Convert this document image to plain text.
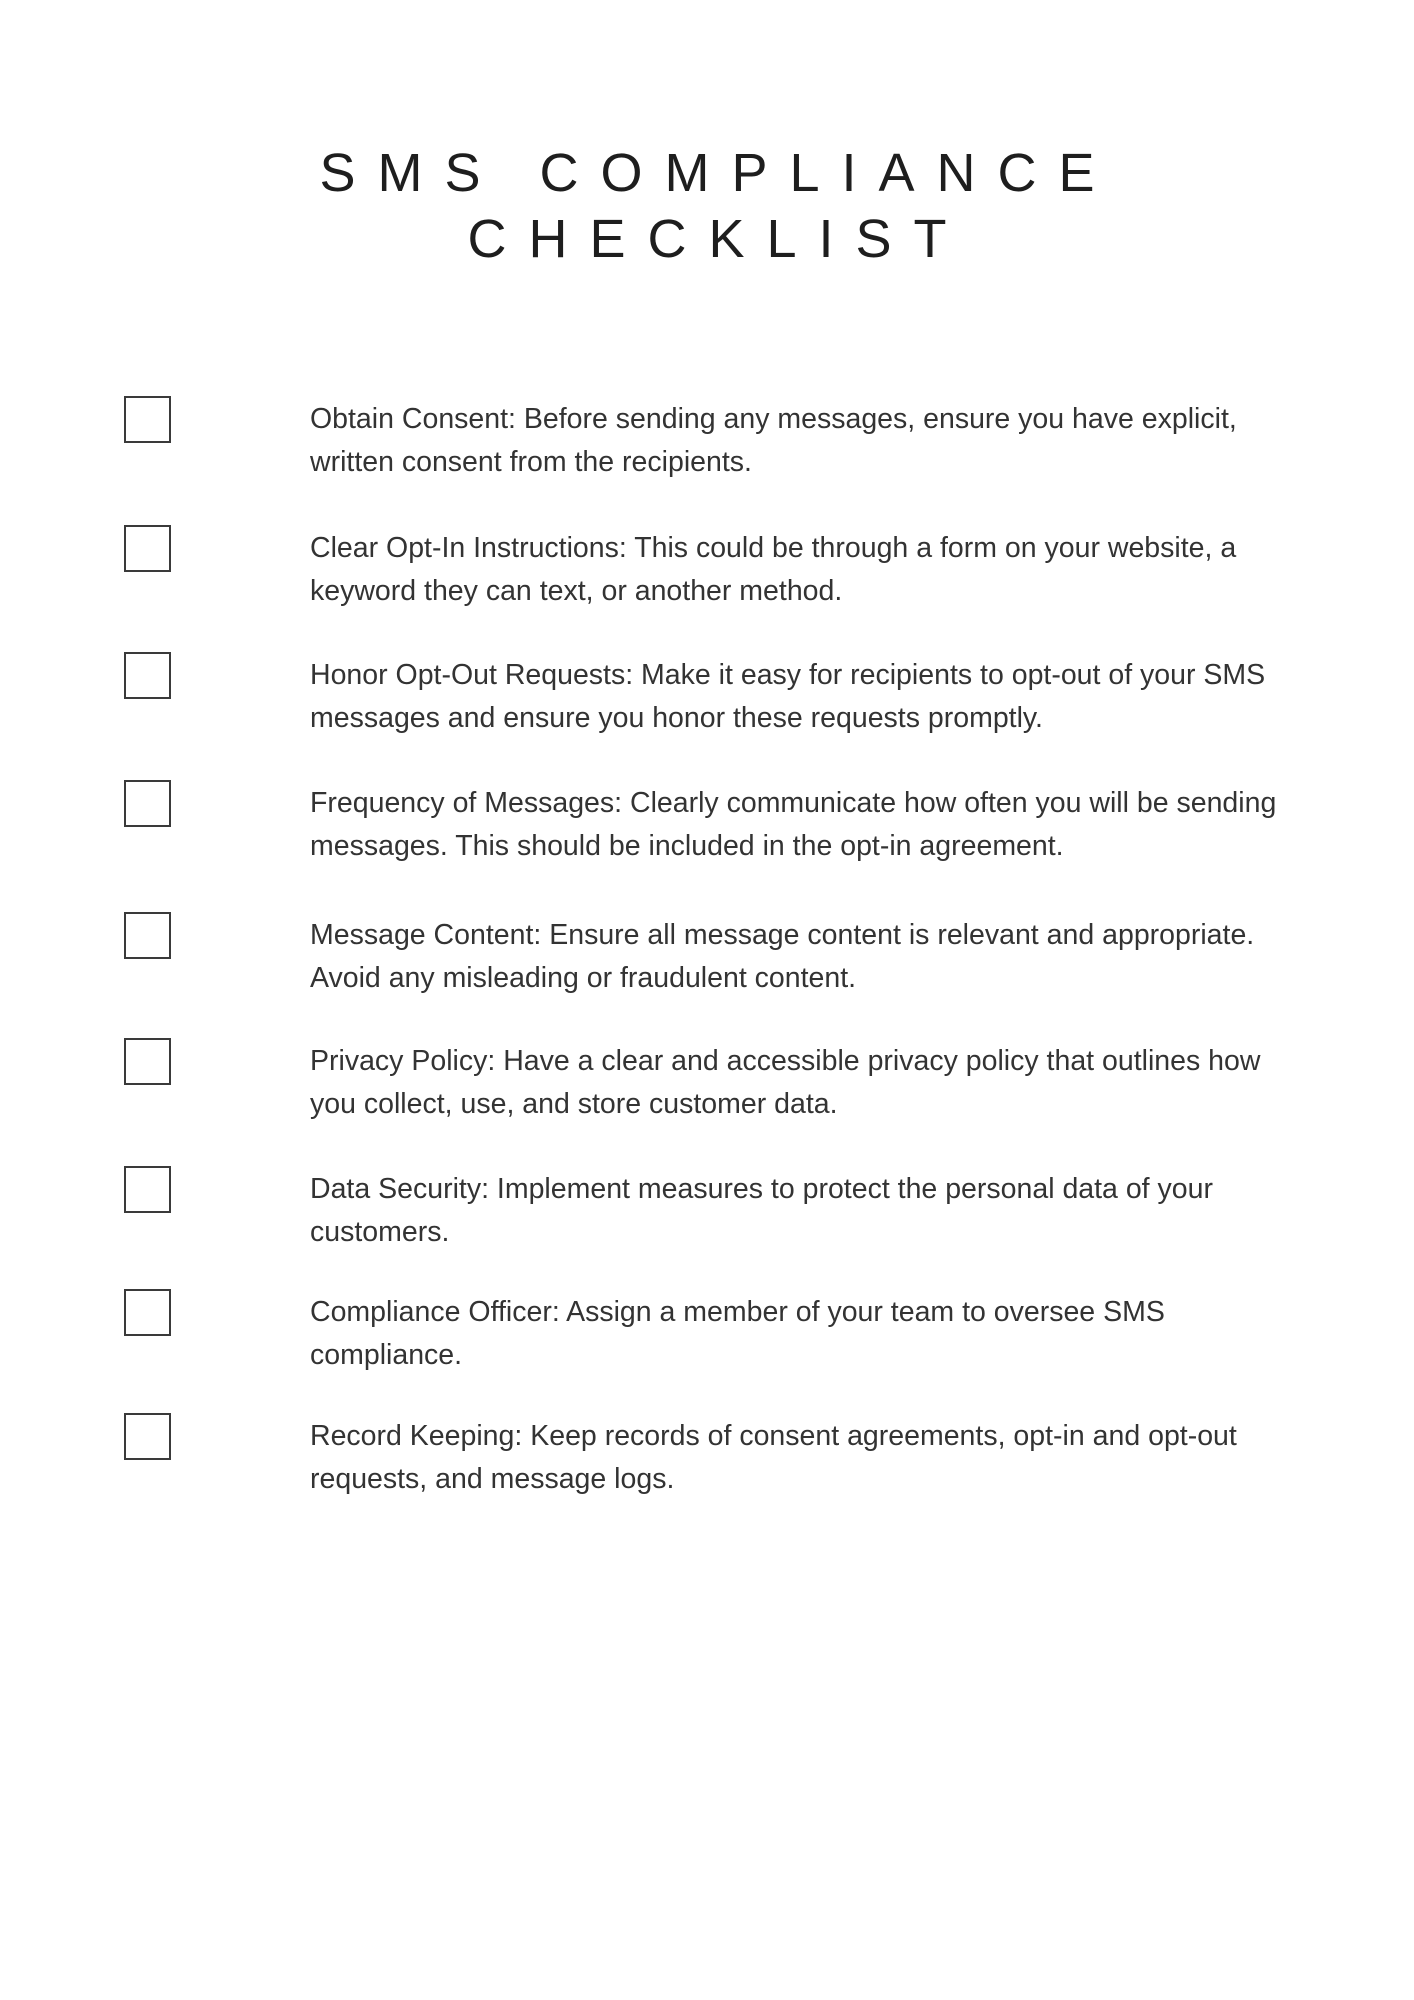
SMS COMPLIANCE
CHECKLIST

Obtain Consent: Before sending any messages, ensure you have explicit, written consent from the recipients.

Clear Opt-In Instructions: This could be through a form on your website, a keyword they can text, or another method.

Honor Opt-Out Requests: Make it easy for recipients to opt-out of your SMS messages and ensure you honor these requests promptly.

Frequency of Messages: Clearly communicate how often you will be sending messages. This should be included in the opt-in agreement.

Message Content: Ensure all message content is relevant and appropriate. Avoid any misleading or fraudulent content.

Privacy Policy: Have a clear and accessible privacy policy that outlines how you collect, use, and store customer data.

Data Security: Implement measures to protect the personal data of your customers.

Compliance Officer: Assign a member of your team to oversee SMS compliance.

Record Keeping: Keep records of consent agreements, opt-in and opt-out requests, and message logs.
